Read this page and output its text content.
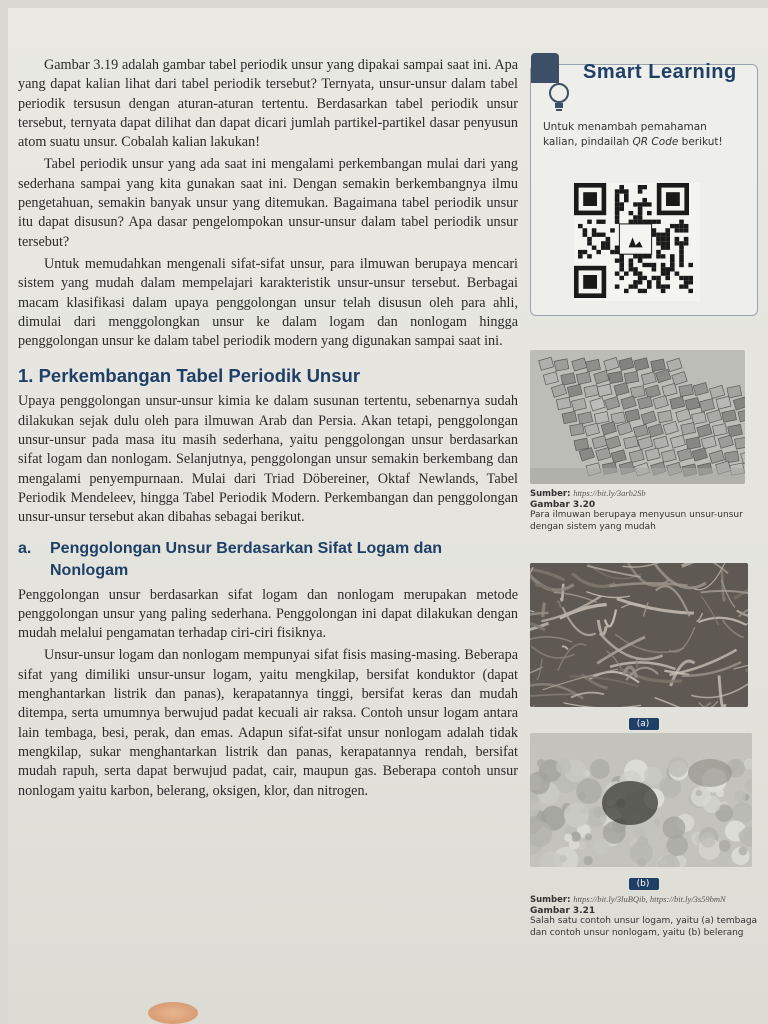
Gambar 3.19 adalah gambar tabel periodik unsur yang dipakai sampai saat ini. Apa yang dapat kalian lihat dari tabel periodik tersebut? Ternyata, unsur-unsur dalam tabel periodik tersusun dengan aturan-aturan tertentu. Berdasarkan tabel periodik unsur tersebut, ternyata dapat dilihat dan dapat dicari jumlah partikel-partikel dasar penyusun atom suatu unsur. Cobalah kalian lakukan!

Tabel periodik unsur yang ada saat ini mengalami perkembangan mulai dari yang sederhana sampai yang kita gunakan saat ini. Dengan semakin berkembangnya ilmu pengetahuan, semakin banyak unsur yang ditemukan. Bagaimana tabel periodik unsur itu dapat disusun? Apa dasar pengelompokan unsur-unsur dalam tabel periodik unsur tersebut?

Untuk memudahkan mengenali sifat-sifat unsur, para ilmuwan berupaya mencari sistem yang mudah dalam mempelajari karakteristik unsur-unsur tersebut. Berbagai macam klasifikasi dalam upaya penggolongan unsur telah disusun oleh para ahli, dimulai dari menggolongkan unsur ke dalam logam dan nonlogam hingga penggolongan unsur ke dalam tabel periodik modern yang digunakan sampai saat ini.

1. Perkembangan Tabel Periodik Unsur

Upaya penggolongan unsur-unsur kimia ke dalam susunan tertentu, sebenarnya sudah dilakukan sejak dulu oleh para ilmuwan Arab dan Persia. Akan tetapi, penggolongan unsur-unsur pada masa itu masih sederhana, yaitu penggolongan unsur berdasarkan sifat logam dan nonlogam. Selanjutnya, penggolongan unsur semakin berkembang dan mengalami penyempurnaan. Mulai dari Triad Döbereiner, Oktaf Newlands, Tabel Periodik Mendeleev, hingga Tabel Periodik Modern. Perkembangan dan penggolongan unsur-unsur tersebut akan dibahas sebagai berikut.

a. Penggolongan Unsur Berdasarkan Sifat Logam dan Nonlogam

Penggolongan unsur berdasarkan sifat logam dan nonlogam merupakan metode penggolongan unsur yang paling sederhana. Penggolongan ini dapat dilakukan dengan mudah melalui pengamatan terhadap ciri-ciri fisiknya.

Unsur-unsur logam dan nonlogam mempunyai sifat fisis masing-masing. Beberapa sifat yang dimiliki unsur-unsur logam, yaitu mengkilap, bersifat konduktor (dapat menghantarkan listrik dan panas), kerapatannya tinggi, bersifat keras dan mudah ditempa, serta umumnya berwujud padat kecuali air raksa. Contoh unsur logam antara lain tembaga, besi, perak, dan emas. Adapun sifat-sifat unsur nonlogam adalah tidak mengkilap, sukar menghantarkan listrik dan panas, kerapatannya rendah, bersifat mudah rapuh, serta dapat berwujud padat, cair, maupun gas. Beberapa contoh unsur nonlogam yaitu karbon, belerang, oksigen, klor, dan nitrogen.

Smart Learning
Untuk menambah pemahaman kalian, pindailah QR Code berikut!
Sumber: https://bit.ly/3arb2Sb
Gambar 3.20
Para ilmuwan berupaya menyusun unsur-unsur dengan sistem yang mudah
(a)
(b)
Sumber: https://bit.ly/3luBQib, https://bit.ly/3s59bmN
Gambar 3.21
Salah satu contoh unsur logam, yaitu (a) tembaga dan contoh unsur nonlogam, yaitu (b) belerang
